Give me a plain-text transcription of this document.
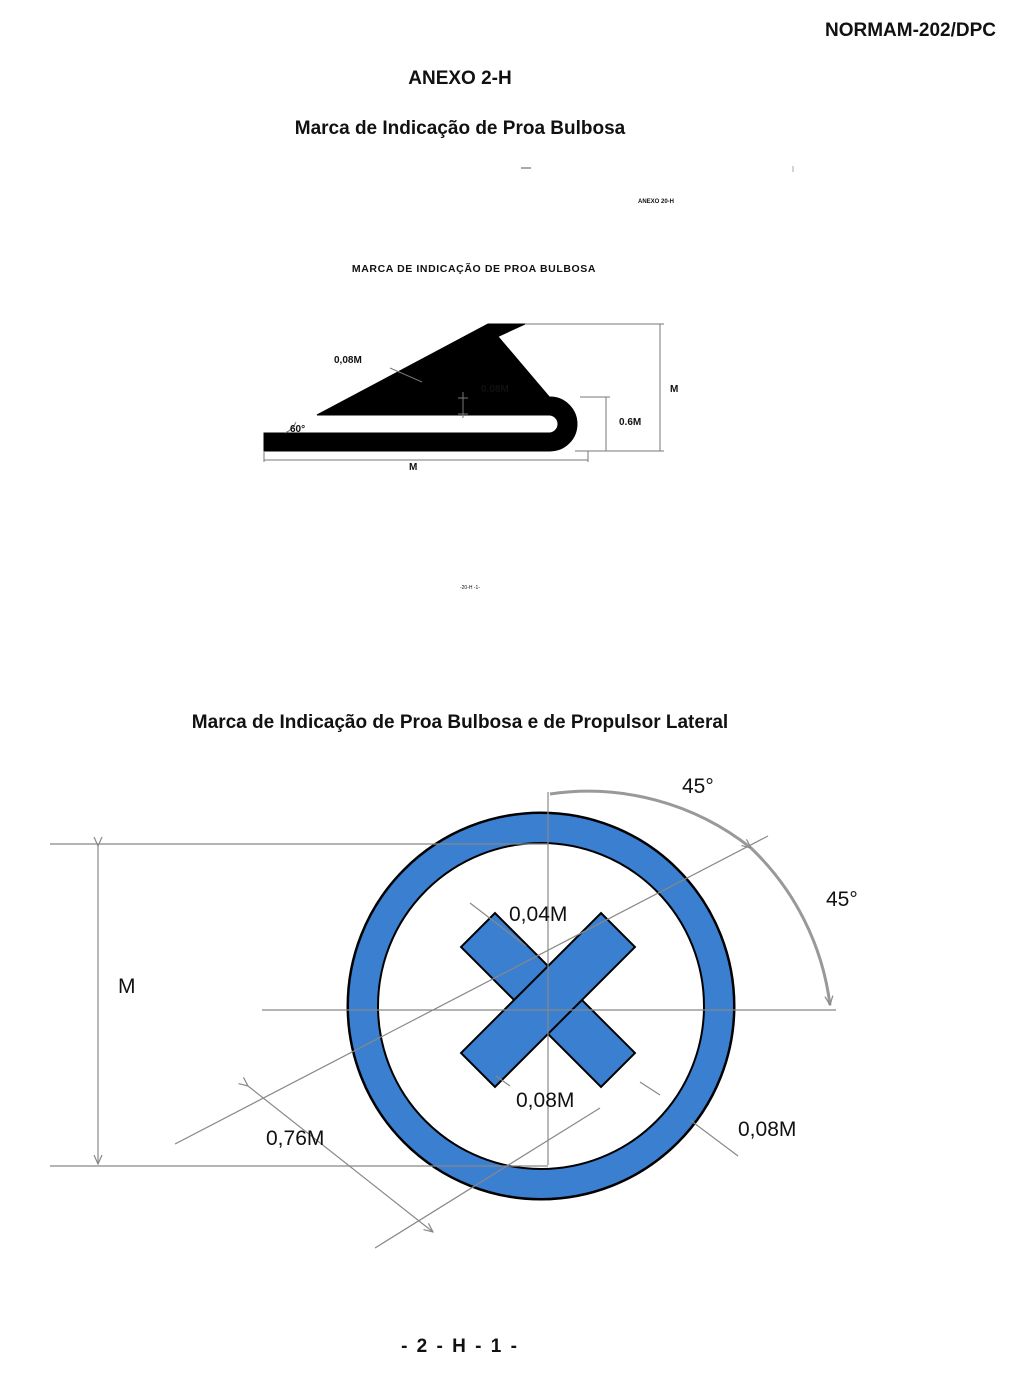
NORMAM-202/DPC
ANEXO 2-H
Marca de Indicação de Proa Bulbosa
ANEXO 20-H
MARCA DE INDICAÇÃO DE PROA BULBOSA
-20-H -1-
0,08M
0.08M
60°
M
0.6M
M
Marca de Indicação de Proa Bulbosa e de Propulsor Lateral
45°
45°
0,04M
M
0,76M
0,08M
0,08M
- 2 - H - 1 -
